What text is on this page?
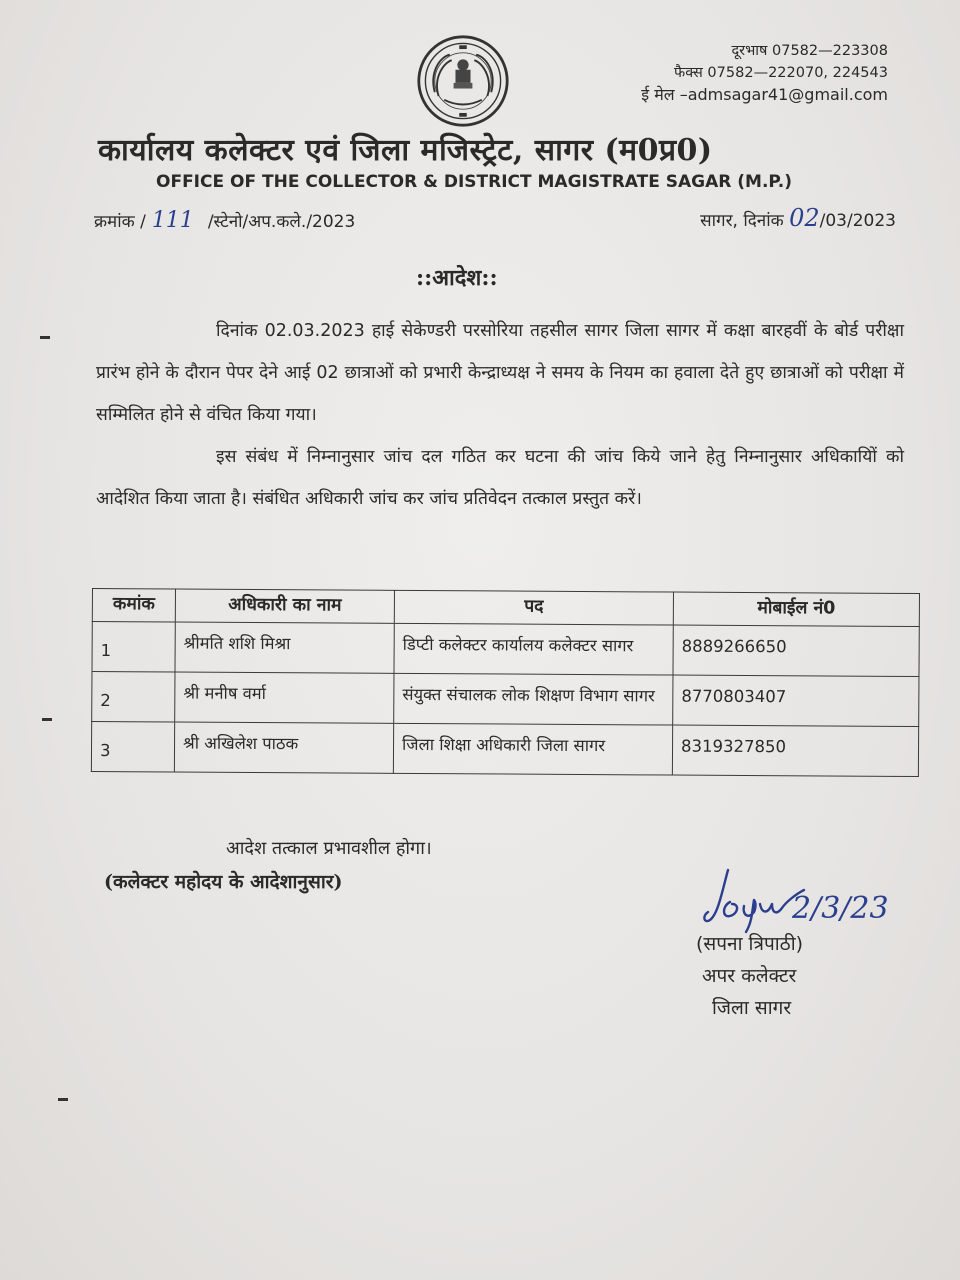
दूरभाष 07582—223308
फैक्स 07582—222070, 224543
ई मेल –admsagar41@gmail.com
कार्यालय कलेक्टर एवं जिला मजिस्ट्रेट, सागर (म0प्र0)
OFFICE OF THE COLLECTOR & DISTRICT MAGISTRATE SAGAR (M.P.)
क्रमांक / 111 /स्टेनो/अप.कले./2023	सागर, दिनांक 02/03/2023
::आदेश::
दिनांक 02.03.2023 हाई सेकेण्डरी परसोरिया तहसील सागर जिला सागर में कक्षा बारहवीं के बोर्ड परीक्षा प्रारंभ होने के दौरान पेपर देने आई 02 छात्राओं को प्रभारी केन्द्राध्यक्ष ने समय के नियम का हवाला देते हुए छात्राओं को परीक्षा में सम्मिलित होने से वंचित किया गया।
इस संबंध में निम्नानुसार जांच दल गठित कर घटना की जांच किये जाने हेतु निम्नानुसार अधिकायिों को आदेशित किया जाता है। संबंधित अधिकारी जांच कर जांच प्रतिवेदन तत्काल प्रस्तुत करें।
कमांक	अधिकारी का नाम	पद	मोबाईल नं0
1	श्रीमति शशि मिश्रा	डिप्टी कलेक्टर कार्यालय कलेक्टर सागर	8889266650
2	श्री मनीष वर्मा	संयुक्त संचालक लोक शिक्षण विभाग सागर	8770803407
3	श्री अखिलेश पाठक	जिला शिक्षा अधिकारी जिला सागर	8319327850
आदेश तत्काल प्रभावशील होगा।
(कलेक्टर महोदय के आदेशानुसार)
2/3/23
(सपना त्रिपाठी)
अपर कलेक्टर
जिला सागर
